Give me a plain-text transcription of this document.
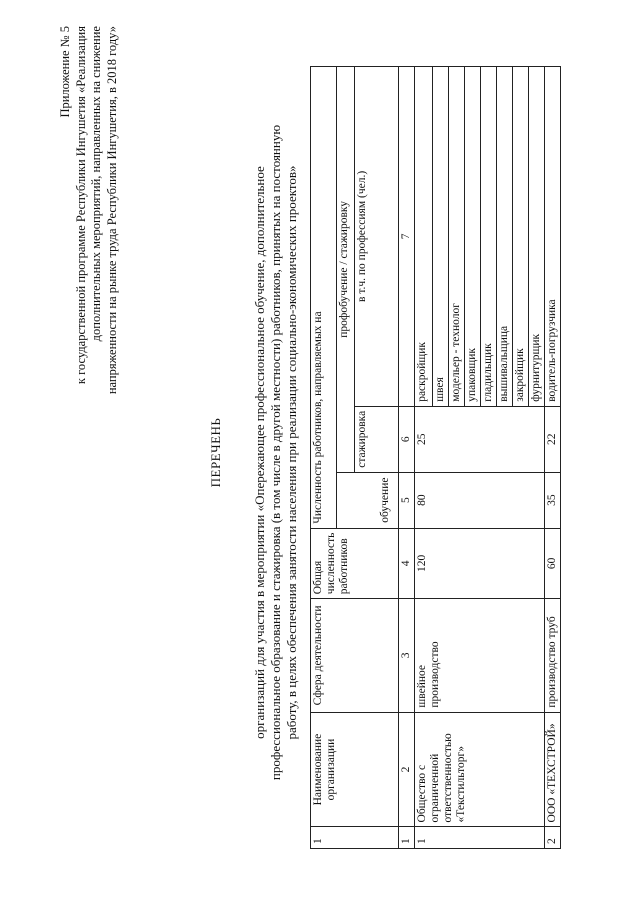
Приложение № 5 к государственной программе Республики Ингушетия «Реализация дополнительных мероприятий, направленных на снижение напряженности на рынке труда Республики Ингушетия, в 2018 году»
ПЕРЕЧЕНЬ организаций для участия в мероприятии «Опережающее профессиональное обучение, дополнительное профессиональное образование и стажировка (в том числе в другой местности) работников, принятых на постоянную работу, в целях обеспечения занятости населения при реализации социально-экономических проектов»
1	Наименование организации	Сфера деятельности	Общая численность работников	Численность работников, направляемых на		
				обучение	профобучение / стажировку	
					стажировка	в т.ч. по профессиям (чел.)
1	2	3	4	5	6	7
1	Общество с ограниченной ответственностью «Текстильторг»	швейное производство	120	80	25	раскройщик
						швея
						модельер - технолог
						упаковщик
						гладильщик
						вышивальщица
						закройщик
						фурнитурщик
2	ООО «ТЕХСТРОЙ»	производство труб	60	35	22	водитель-погрузчика
